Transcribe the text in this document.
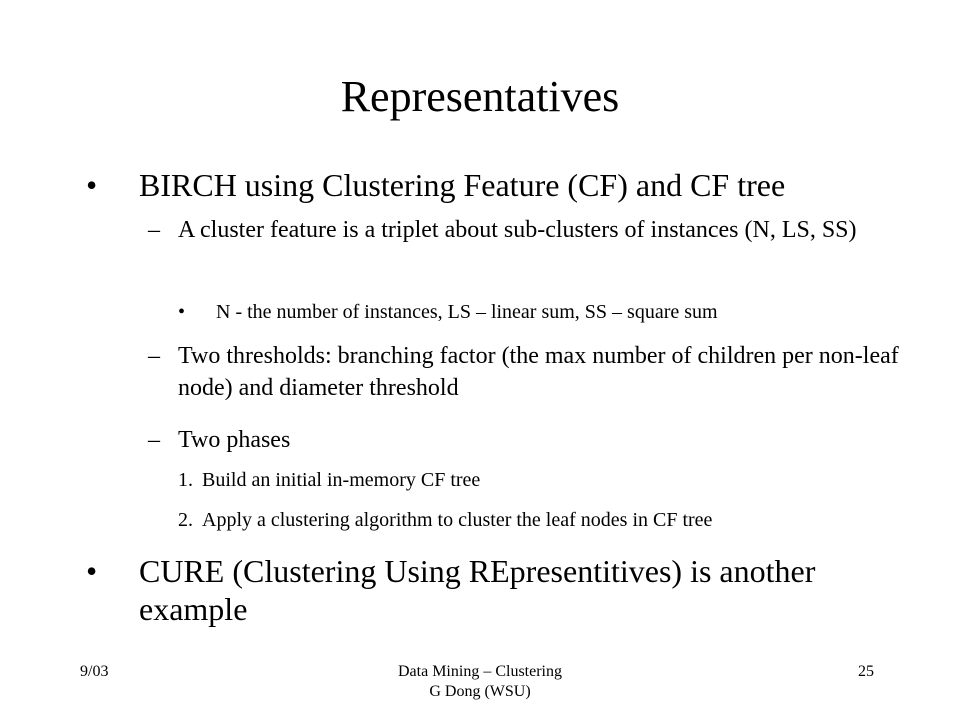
Representatives
• BIRCH using Clustering Feature (CF) and CF tree
– A cluster feature is a triplet about sub-clusters of instances (N, LS, SS)
• N - the number of instances, LS – linear sum, SS – square sum
– Two thresholds: branching factor (the max number of children per non-leaf node) and diameter threshold
– Two phases
1. Build an initial in-memory CF tree
2. Apply a clustering algorithm to cluster the leaf nodes in CF tree
• CURE (Clustering Using REpresentitives) is another example
9/03	Data Mining – Clustering
G Dong (WSU)
25
